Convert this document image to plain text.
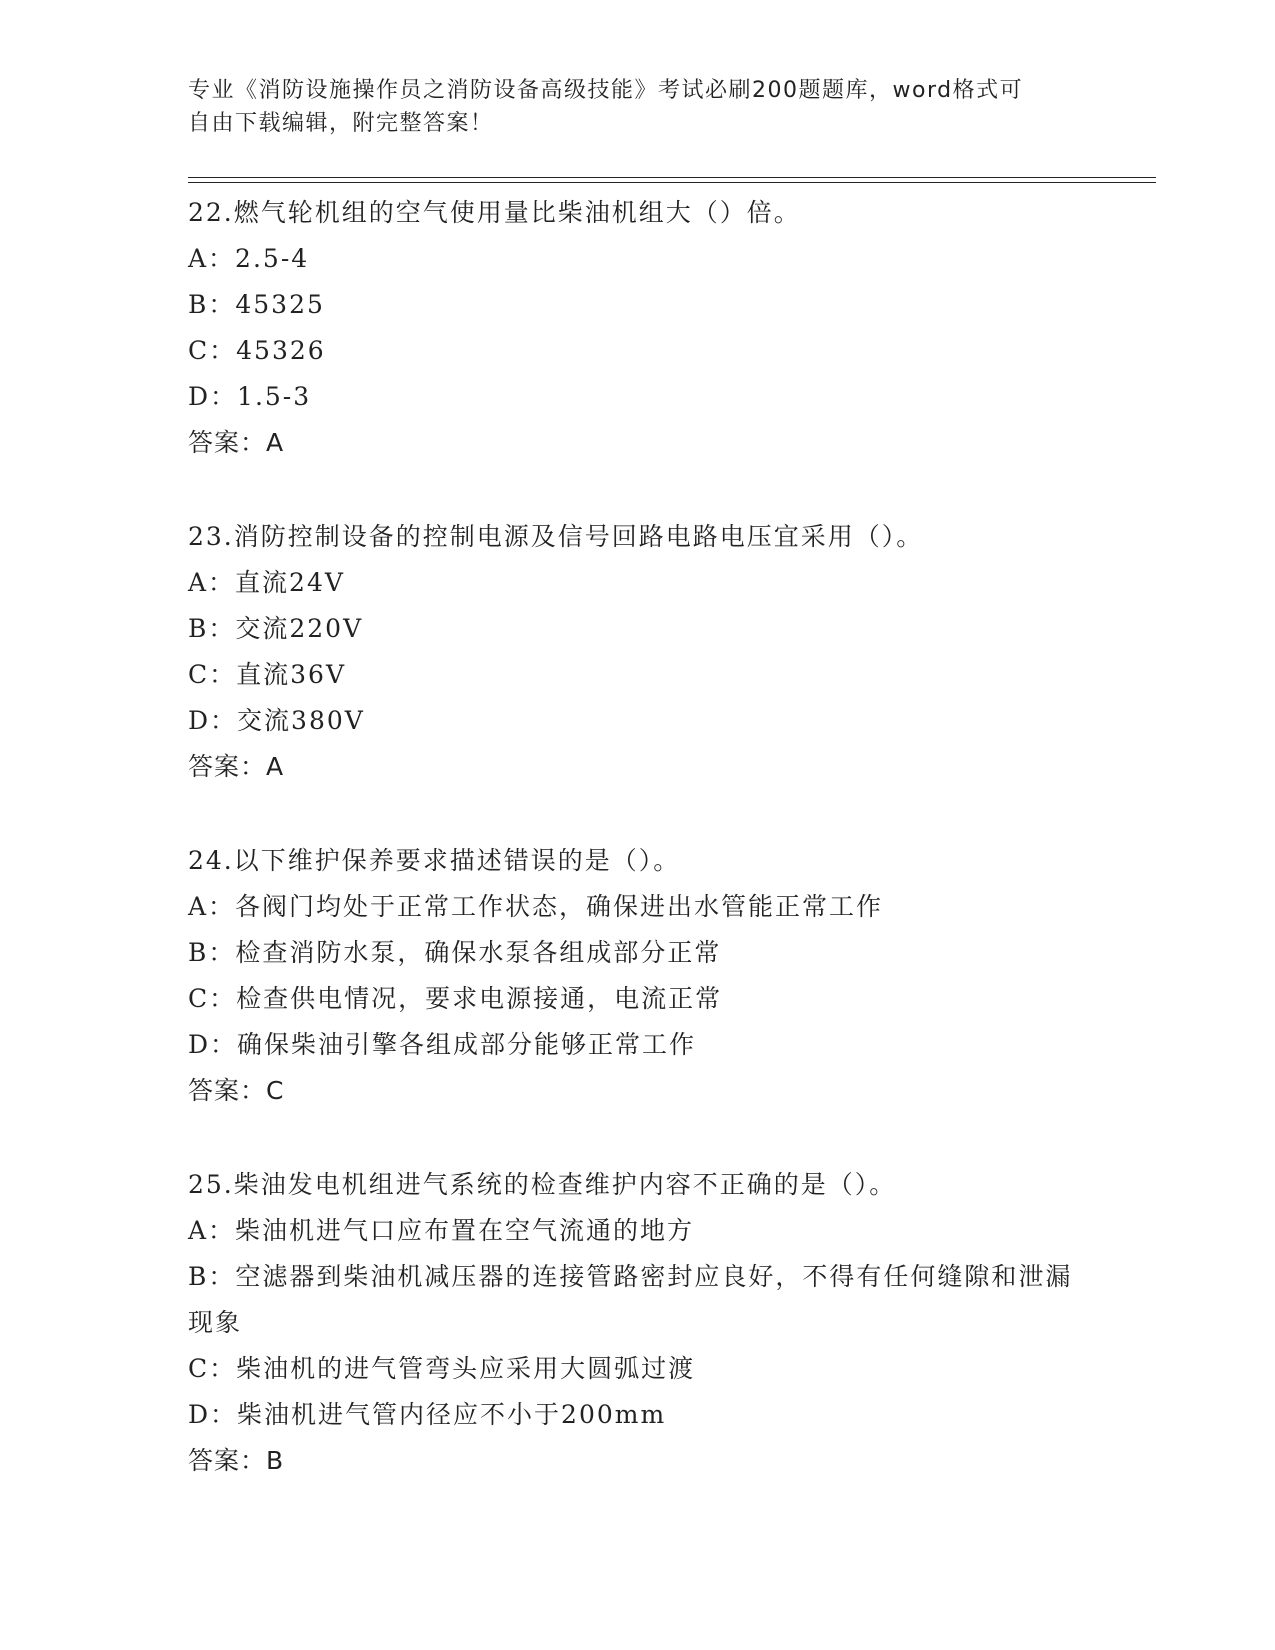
专业《消防设施操作员之消防设备高级技能》考试必刷200题题库，word格式可
自由下载编辑，附完整答案！
22.燃气轮机组的空气使用量比柴油机组大（）倍。
A：2.5-4
B：45325
C：45326
D：1.5-3
答案：A
23.消防控制设备的控制电源及信号回路电路电压宜采用（）。
A：直流24V
B：交流220V
C：直流36V
D：交流380V
答案：A
24.以下维护保养要求描述错误的是（）。
A：各阀门均处于正常工作状态，确保进出水管能正常工作
B：检查消防水泵，确保水泵各组成部分正常
C：检查供电情况，要求电源接通，电流正常
D：确保柴油引擎各组成部分能够正常工作
答案：C
25.柴油发电机组进气系统的检查维护内容不正确的是（）。
A：柴油机进气口应布置在空气流通的地方
B：空滤器到柴油机减压器的连接管路密封应良好，不得有任何缝隙和泄漏现象
C：柴油机的进气管弯头应采用大圆弧过渡
D：柴油机进气管内径应不小于200mm
答案：B
